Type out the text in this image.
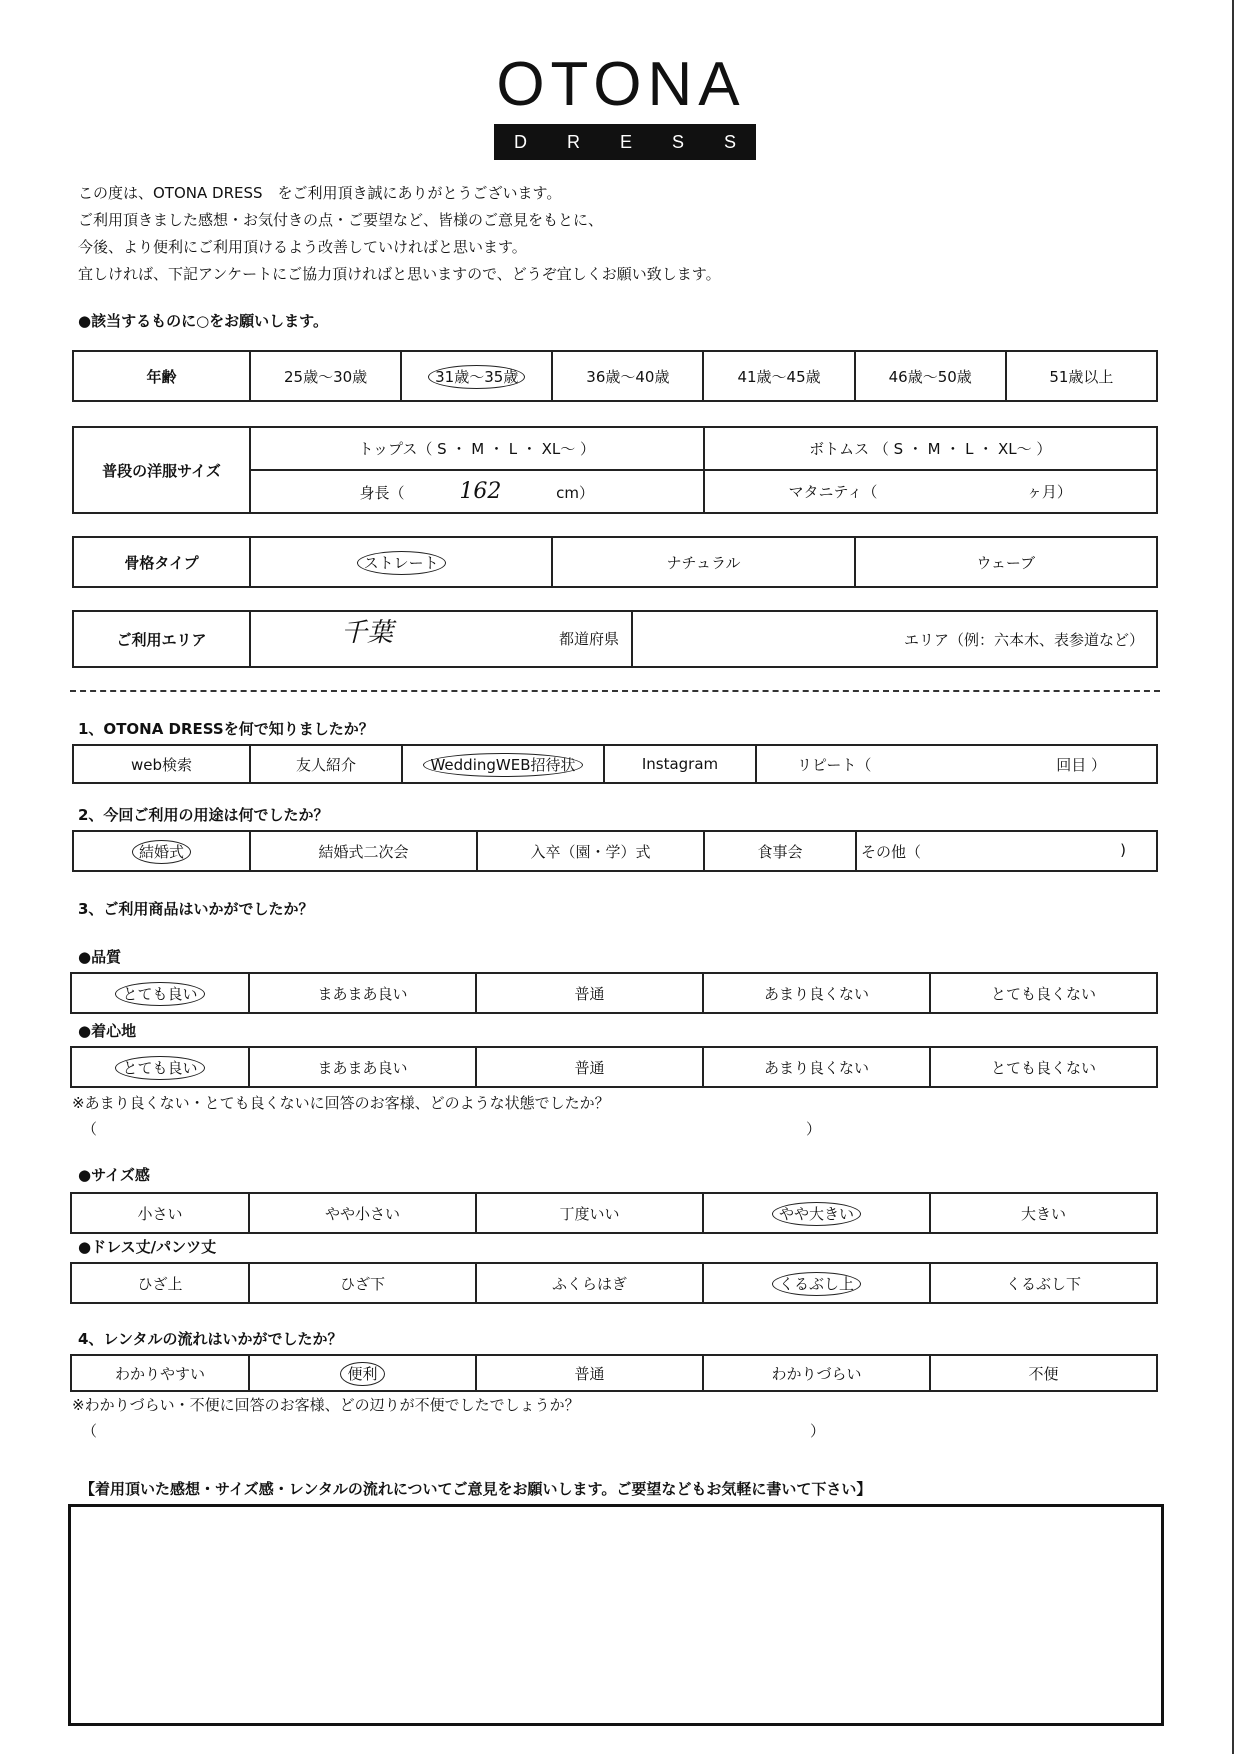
OTONA
D R E S S
この度は、OTONA DRESS　をご利用頂き誠にありがとうございます。
ご利用頂きました感想・お気付きの点・ご要望など、皆様のご意見をもとに、
今後、より便利にご利用頂けるよう改善していければと思います。
宜しければ、下記アンケートにご協力頂ければと思いますので、どうぞ宜しくお願い致します。
●該当するものに○をお願いします。
年齢	25歳〜30歳	31歳〜35歳	36歳〜40歳	41歳〜45歳	46歳〜50歳	51歳以上
普段の洋服サイズ	トップス（ S ・ M ・ L ・ XL〜 ）	ボトムス （ S ・ M ・ L ・ XL〜 ）
	身長（ 162 cm）	マタニティ（ ヶ月）
骨格タイプ	ストレート	ナチュラル	ウェーブ
ご利用エリア	千葉	都道府県	エリア（例：六本木、表参道など）
1、OTONA DRESSを何で知りましたか？
web検索	友人紹介	WeddingWEB招待状	Instagram	リピート（	回目 ）
2、今回ご利用の用途は何でしたか？
結婚式	結婚式二次会	入卒（園・学）式	食事会	その他（	)
3、ご利用商品はいかがでしたか？
●品質
とても良い	まあまあ良い	普通	あまり良くない	とても良くない
●着心地
とても良い	まあまあ良い	普通	あまり良くない	とても良くない
※あまり良くない・とても良くないに回答のお客様、どのような状態でしたか？
（	）
●サイズ感
小さい	やや小さい	丁度いい	やや大きい	大きい
●ドレス丈/パンツ丈
ひざ上	ひざ下	ふくらはぎ	くるぶし上	くるぶし下
4、レンタルの流れはいかがでしたか？
わかりやすい	便利	普通	わかりづらい	不便
※わかりづらい・不便に回答のお客様、どの辺りが不便でしたでしょうか？
（	）
【着用頂いた感想・サイズ感・レンタルの流れについてご意見をお願いします。ご要望などもお気軽に書いて下さい】
